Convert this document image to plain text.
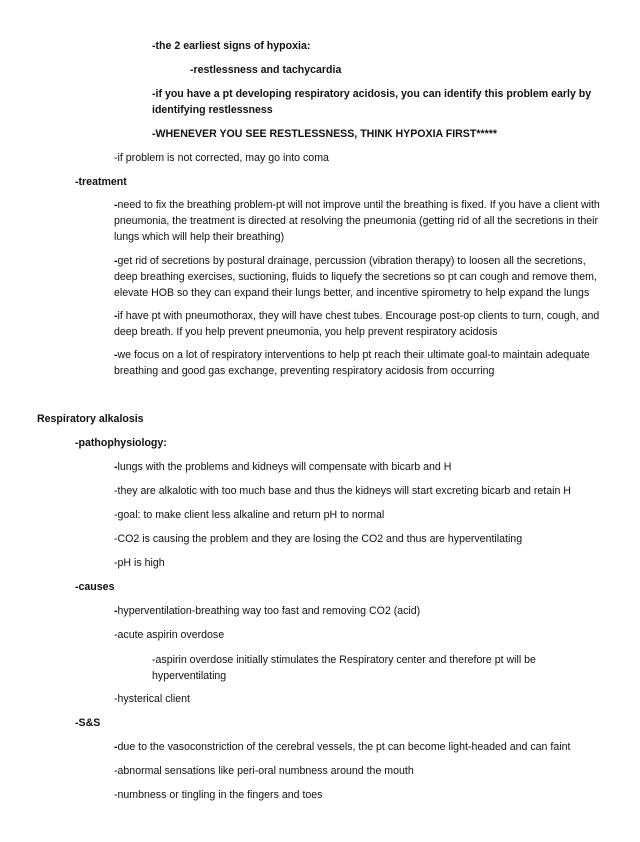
-the 2 earliest signs of hypoxia:
-restlessness and tachycardia
-if you have a pt developing respiratory acidosis, you can identify this problem early by identifying restlessness
-WHENEVER YOU SEE RESTLESSNESS, THINK HYPOXIA FIRST*****
-if problem is not corrected, may go into coma
-treatment
-need to fix the breathing problem-pt will not improve until the breathing is fixed. If you have a client with pneumonia, the treatment is directed at resolving the pneumonia (getting rid of all the secretions in their lungs which will help their breathing)
-get rid of secretions by postural drainage, percussion (vibration therapy) to loosen all the secretions, deep breathing exercises, suctioning, fluids to liquefy the secretions so pt can cough and remove them, elevate HOB so they can expand their lungs better, and incentive spirometry to help expand the lungs
-if have pt with pneumothorax, they will have chest tubes. Encourage post-op clients to turn, cough, and deep breath. If you help prevent pneumonia, you help prevent respiratory acidosis
-we focus on a lot of respiratory interventions to help pt reach their ultimate goal-to maintain adequate breathing and good gas exchange, preventing respiratory acidosis from occurring
Respiratory alkalosis
-pathophysiology:
-lungs with the problems and kidneys will compensate with bicarb and H
-they are alkalotic with too much base and thus the kidneys will start excreting bicarb and retain H
-goal: to make client less alkaline and return pH to normal
-CO2 is causing the problem and they are losing the CO2 and thus are hyperventilating
-pH is high
-causes
-hyperventilation-breathing way too fast and removing CO2 (acid)
-acute aspirin overdose
-aspirin overdose initially stimulates the Respiratory center and therefore pt will be hyperventilating
-hysterical client
-S&S
-due to the vasoconstriction of the cerebral vessels, the pt can become light-headed and can faint
-abnormal sensations like peri-oral numbness around the mouth
-numbness or tingling in the fingers and toes
